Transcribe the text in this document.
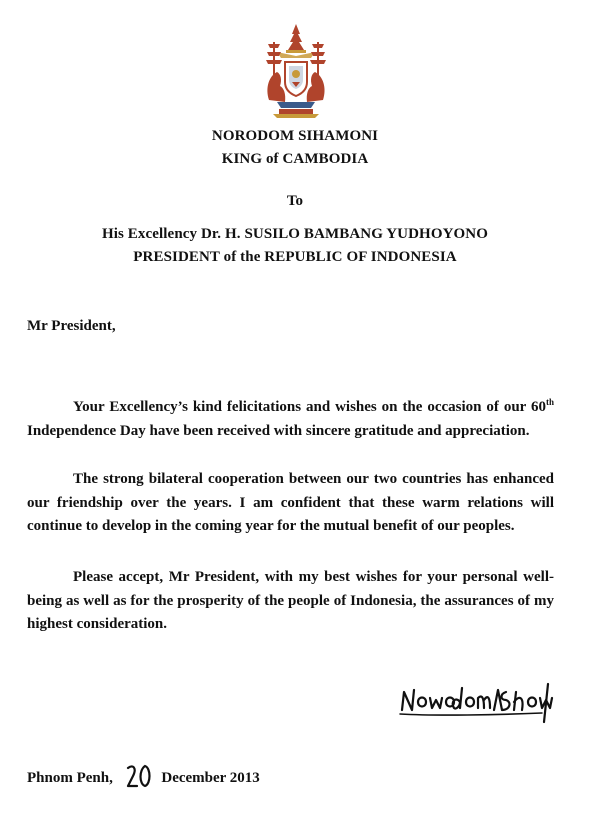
NORODOM SIHAMONI
KING of CAMBODIA
To
His Excellency Dr. H. SUSILO BAMBANG YUDHOYONO
PRESIDENT of the REPUBLIC OF INDONESIA
Mr President,

Your Excellency’s kind felicitations and wishes on the occasion of our 60th Independence Day have been received with sincere gratitude and appreciation.

The strong bilateral cooperation between our two countries has enhanced our friendship over the years. I am confident that these warm relations will continue to develop in the coming year for the mutual benefit of our peoples.

Please accept, Mr President, with my best wishes for your personal well-being as well as for the prosperity of the people of Indonesia, the assurances of my highest consideration.

Phnom Penh,	December 2013
